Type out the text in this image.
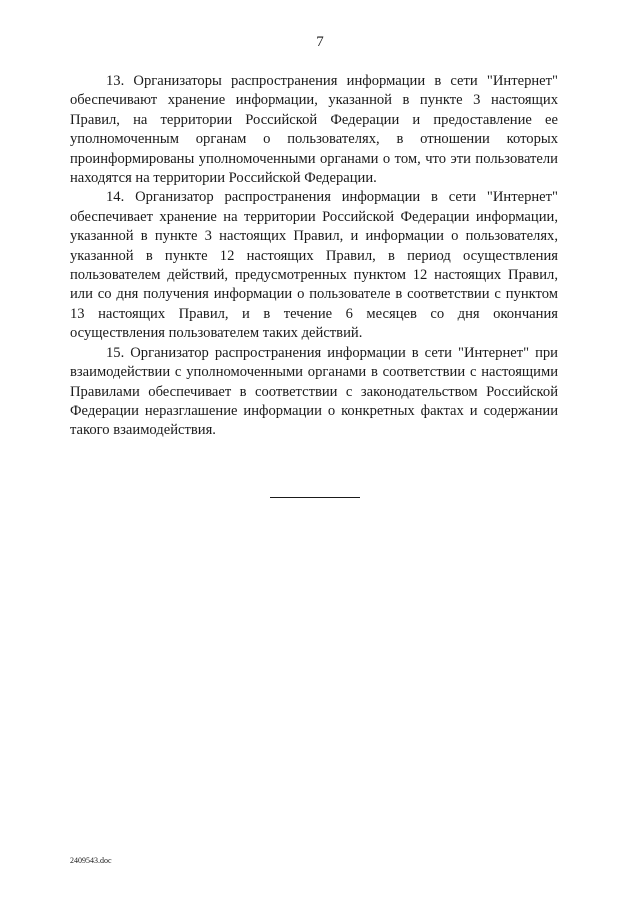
7

13. Организаторы распространения информации в сети "Интернет" обеспечивают хранение информации, указанной в пункте 3 настоящих Правил, на территории Российской Федерации и предоставление ее уполномоченным органам о пользователях, в отношении которых проинформированы уполномоченными органами о том, что эти пользователи находятся на территории Российской Федерации.

14. Организатор распространения информации в сети "Интернет" обеспечивает хранение на территории Российской Федерации информации, указанной в пункте 3 настоящих Правил, и информации о пользователях, указанной в пункте 12 настоящих Правил, в период осуществления пользователем действий, предусмотренных пунктом 12 настоящих Правил, или со дня получения информации о пользователе в соответствии с пунктом 13 настоящих Правил, и в течение 6 месяцев со дня окончания осуществления пользователем таких действий.

15. Организатор распространения информации в сети "Интернет" при взаимодействии с уполномоченными органами в соответствии с настоящими Правилами обеспечивает в соответствии с законодательством Российской Федерации неразглашение информации о конкретных фактах и содержании такого взаимодействия.

2409543.doc
